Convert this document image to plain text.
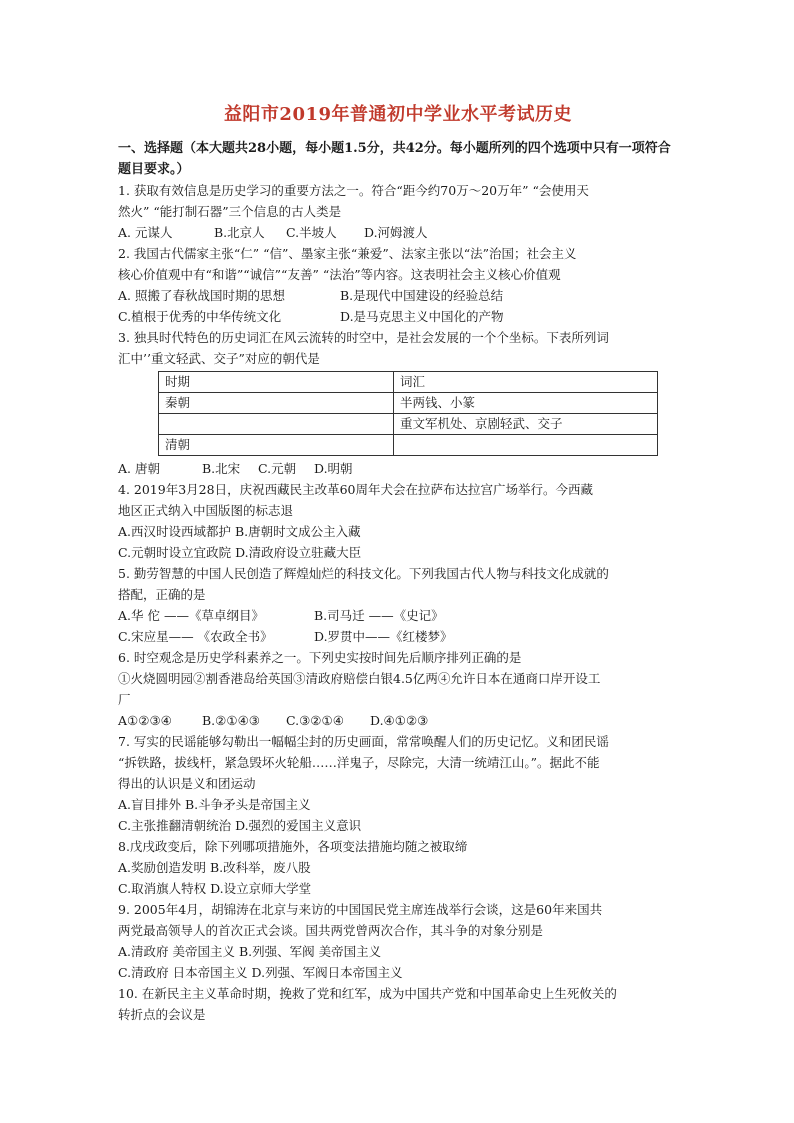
益阳市2019年普通初中学业水平考试历史

一、选择题（本大题共28小题，每小题1.5分，共42分。每小题所列的四个选项中只有一项符合题目要求。）

1. 获取有效信息是历史学习的重要方法之一。符合“距今约70万～20万年” “会使用天

然火” “能打制石器”三个信息的古人类是

A. 元谋人	B.北京人	C.半坡人	D.河姆渡人

2. 我国古代儒家主张“仁” “信”、墨家主张“兼爱”、法家主张以“法”治国；社会主义

核心价值观中有“和谐”“诚信”“友善” “法治”等内容。这表明社会主义核心价值观

A. 照搬了春秋战国时期的思想	B.是现代中国建设的经验总结
C.植根于优秀的中华传统文化	D.是马克思主义中国化的产物

3. 独具时代特色的历史词汇在风云流转的时空中，是社会发展的一个个坐标。下表所列词

汇中’’重文轻武、交子”对应的朝代是

时期	词汇
秦朝	半两钱、小篆
	重文军机处、京剧轻武、交子
清朝	
A. 唐朝	B.北宋	C.元朝	D.明朝

4. 2019年3月28日，庆祝西藏民主改革60周年犬会在拉萨布达拉宫广场举行。今西藏

地区正式纳入中国版图的标志退

A.西汉时设西域都护 B.唐朝时文成公主入藏

C.元朝时设立宜政院 D.清政府设立驻藏大臣

5. 勤劳智慧的中国人民创造了辉煌灿烂的科技文化。下列我国古代人物与科技文化成就的

搭配，正确的是

A.华 佗 ——《草卓纲目》	B.司马迁 ——《史记》
C.宋应星—— 《农政全书》	D.罗贯中——《红楼梦》

6. 时空观念是历史学科素养之一。下列史实按时间先后顺序排列正确的是

①火烧圆明园②割香港岛给英国③清政府赔偿白银4.5亿两④允许日本在通商口岸开设工

厂

A①②③④	B.②①④③	C.③②①④	D.④①②③

7. 写实的民谣能够勾勒出一幅幅尘封的历史画面，常常唤醒人们的历史记忆。义和团民谣

“拆铁路，拔线杆，紧急毁坏火轮船……洋鬼子，尽除完，大清一统靖江山。”。据此不能

得出的认识是义和团运动

A.盲目排外 B.斗争矛头是帝国主义

C.主张推翻清朝统治 D.强烈的爱国主义意识

8.戊戌政变后，除下列哪项措施外，各项变法措施均随之被取缔

A.奖励创造发明 B.改科举，废八股

C.取消旗人特权 D.设立京师大学堂

9. 2005年4月，胡锦涛在北京与来访的中国国民党主席连战举行会谈，这是60年来国共

两党最高领导人的首次正式会谈。国共两党曾两次合作，其斗争的对象分别是

A.清政府 美帝国主义 B.列强、军阀 美帝国主义

C.清政府 日本帝国主义 D.列强、军阀日本帝国主义

10. 在新民主主义革命时期，挽救了党和红军，成为中国共产党和中国革命史上生死攸关的

转折点的会议是
